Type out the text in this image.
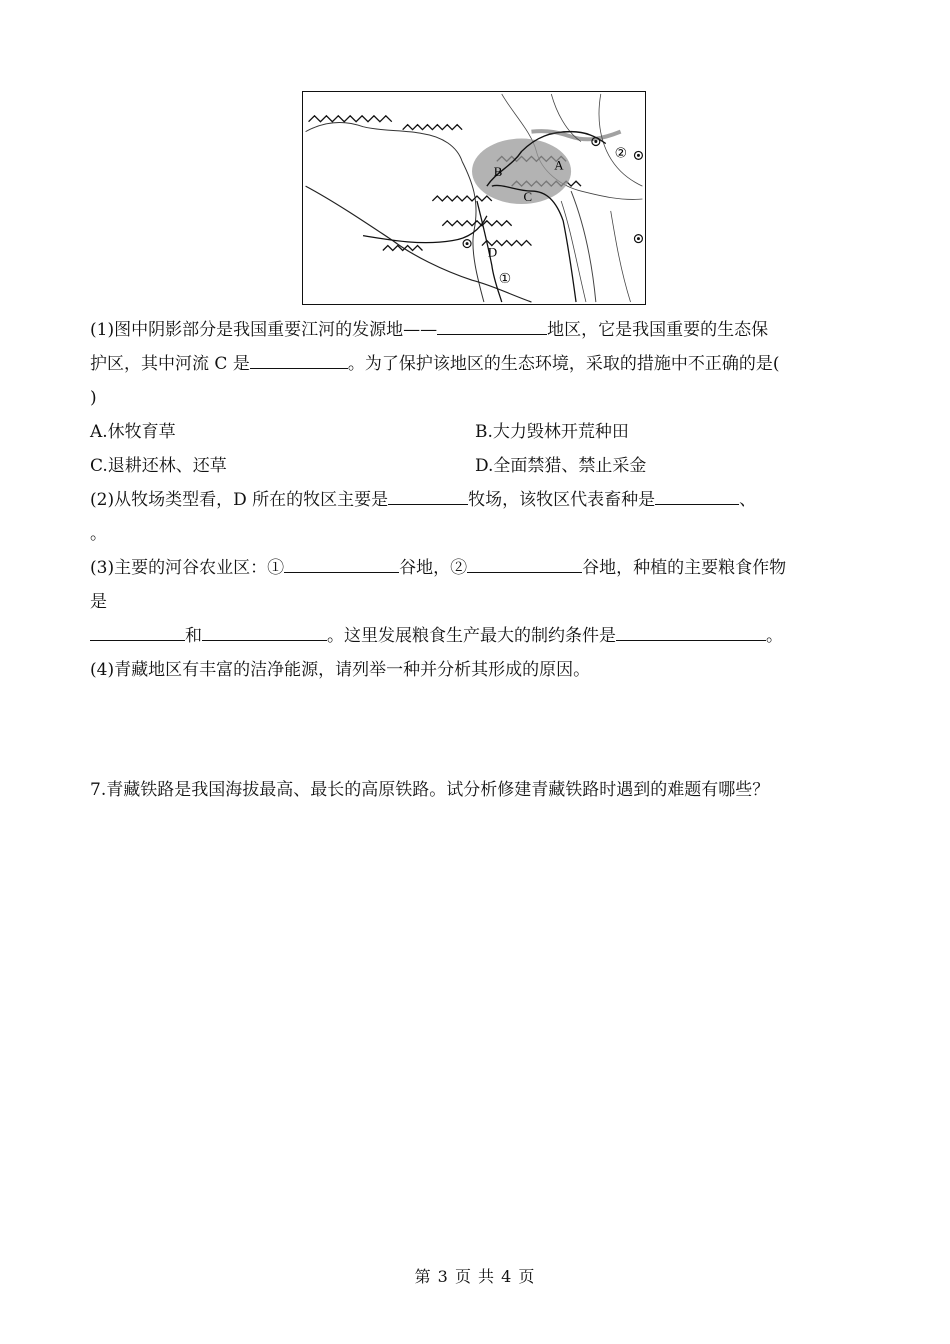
A
B
C
D
①
②
(1)图中阴影部分是我国重要江河的发源地——	地区，它是我国重要的生态保
护区，其中河流 C 是	。为了保护该地区的生态环境，采取的措施中不正确的是(
)
A.休牧育草	B.大力毁林开荒种田
C.退耕还林、还草	D.全面禁猎、禁止采金
(2)从牧场类型看，D 所在的牧区主要是	牧场，该牧区代表畜种是	、
。
(3)主要的河谷农业区：①	谷地，②	谷地，种植的主要粮食作物
是
和	。这里发展粮食生产最大的制约条件是	。
(4)青藏地区有丰富的洁净能源，请列举一种并分析其形成的原因。
7.青藏铁路是我国海拔最高、最长的高原铁路。试分析修建青藏铁路时遇到的难题有哪些？
第 3 页 共 4 页
